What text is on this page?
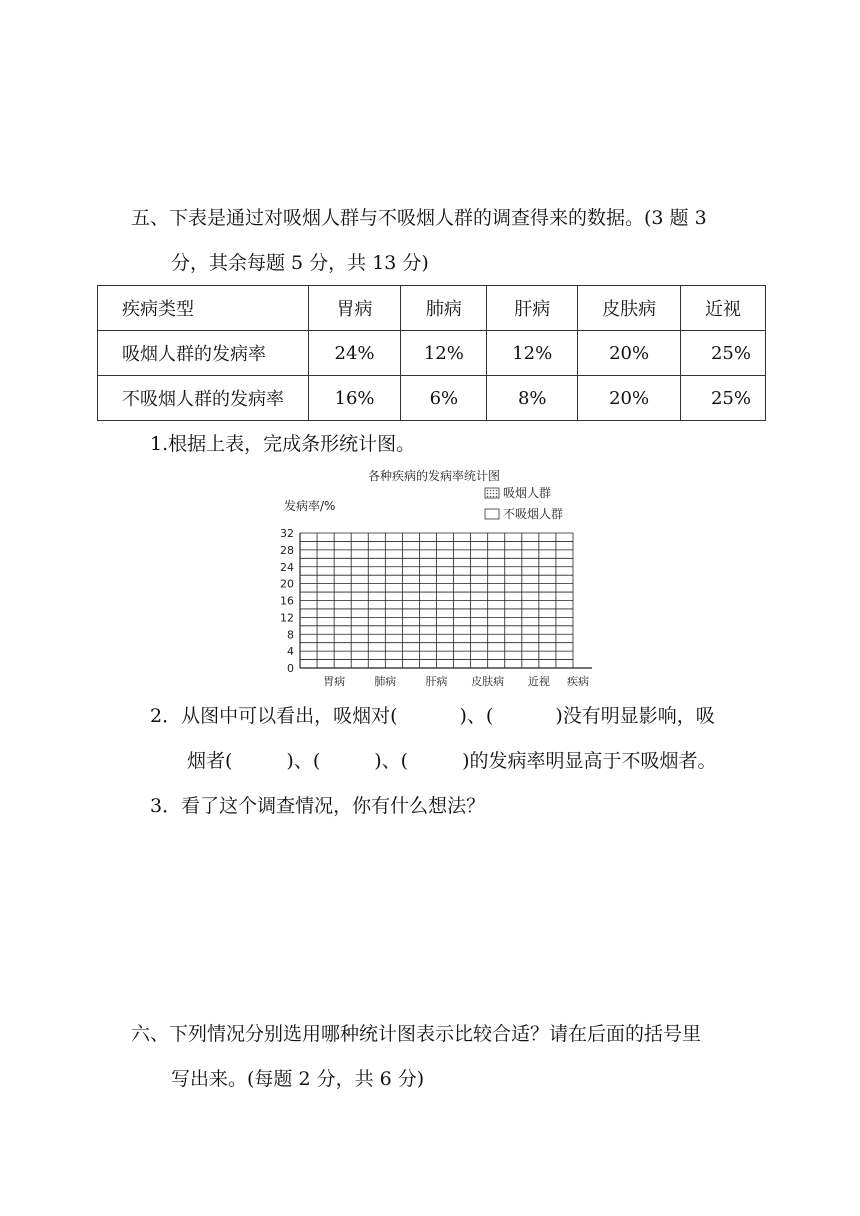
五、下表是通过对吸烟人群与不吸烟人群的调查得来的数据。(3 题 3
分，其余每题 5 分，共 13 分)
疾病类型	胃病	肺病	肝病	皮肤病	近视
吸烟人群的发病率	24%	12%	12%	20%	25%
不吸烟人群的发病率	16%	6%	8%	20%	25%
1.根据上表，完成条形统计图。
各种疾病的发病率统计图
发病率/%
吸烟人群
不吸烟人群
0
4
8
12
16
20
24
28
32
胃病	肺病	肝病 皮肤病 近视 疾病
2．从图中可以看出，吸烟对(	)、(	)没有明显影响，吸
烟者(	)、(	)、(	)的发病率明显高于不吸烟者。
3．看了这个调查情况，你有什么想法？
六、下列情况分别选用哪种统计图表示比较合适？请在后面的括号里
写出来。(每题 2 分，共 6 分)
